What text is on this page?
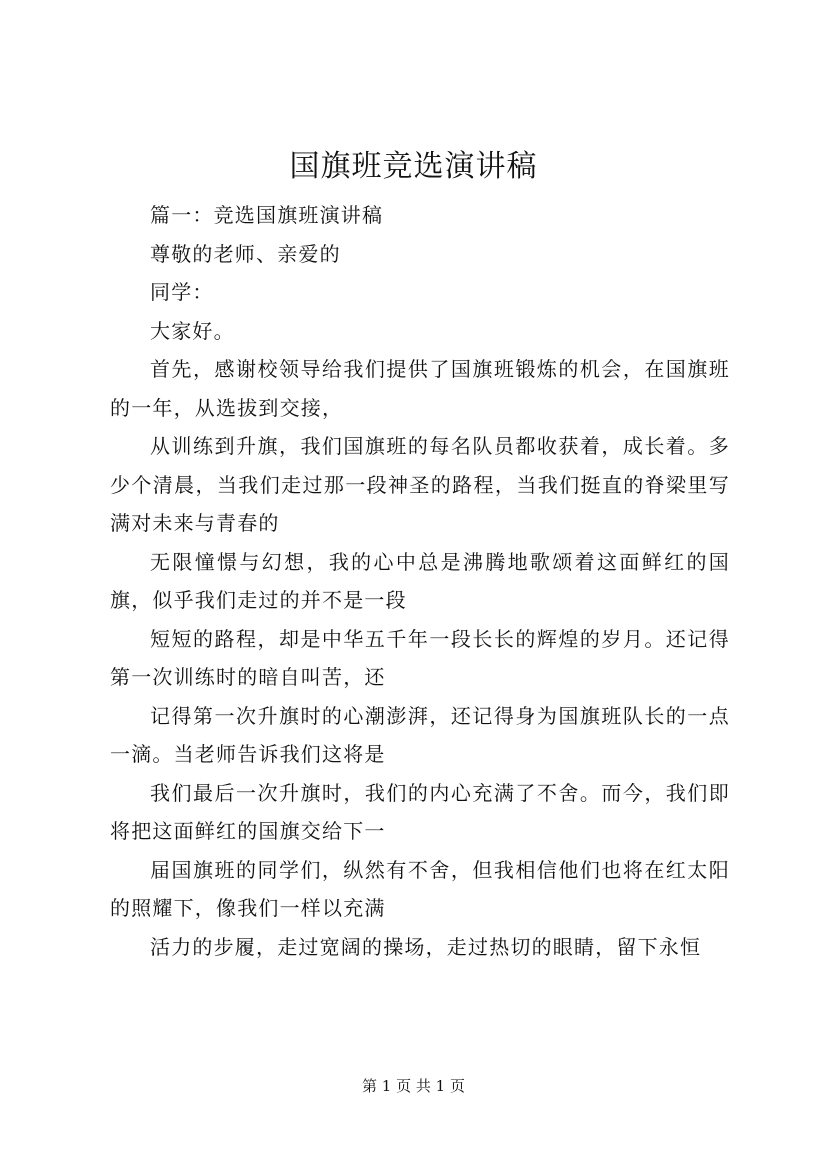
国旗班竞选演讲稿

篇一：竞选国旗班演讲稿

尊敬的老师、亲爱的

同学：

大家好。

首先，感谢校领导给我们提供了国旗班锻炼的机会，在国旗班的一年，从选拔到交接，

从训练到升旗，我们国旗班的每名队员都收获着，成长着。多少个清晨，当我们走过那一段神圣的路程，当我们挺直的脊梁里写满对未来与青春的

无限憧憬与幻想，我的心中总是沸腾地歌颂着这面鲜红的国旗，似乎我们走过的并不是一段

短短的路程，却是中华五千年一段长长的辉煌的岁月。还记得第一次训练时的暗自叫苦，还

记得第一次升旗时的心潮澎湃，还记得身为国旗班队长的一点一滴。当老师告诉我们这将是

我们最后一次升旗时，我们的内心充满了不舍。而今，我们即将把这面鲜红的国旗交给下一

届国旗班的同学们，纵然有不舍，但我相信他们也将在红太阳的照耀下，像我们一样以充满

活力的步履，走过宽阔的操场，走过热切的眼睛，留下永恒

第 1 页 共 1 页
